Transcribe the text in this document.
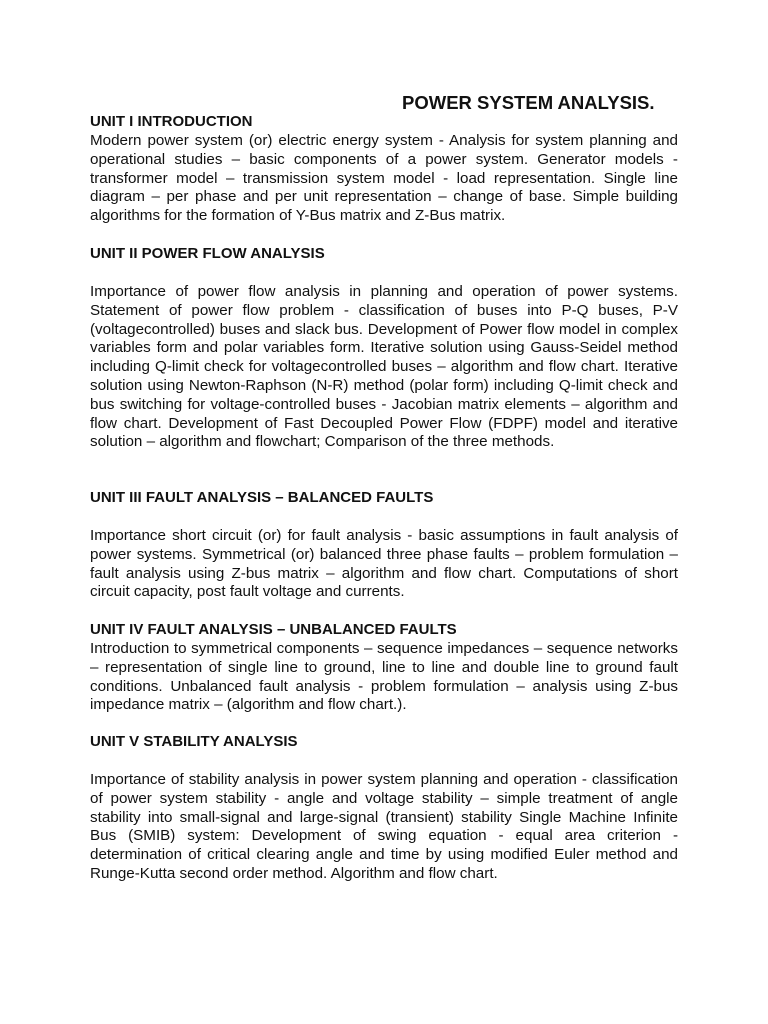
POWER SYSTEM ANALYSIS.
UNIT I INTRODUCTION

Modern power system (or) electric energy system - Analysis for system planning and operational studies – basic components of a power system. Generator models - transformer model – transmission system model - load representation. Single line diagram – per phase and per unit representation – change of base. Simple building algorithms for the formation of Y-Bus matrix and Z-Bus matrix.

UNIT II POWER FLOW ANALYSIS

Importance of power flow analysis in planning and operation of power systems. Statement of power flow problem - classification of buses into P-Q buses, P-V (voltagecontrolled) buses and slack bus. Development of Power flow model in complex variables form and polar variables form. Iterative solution using Gauss-Seidel method including Q-limit check for voltagecontrolled buses – algorithm and flow chart. Iterative solution using Newton-Raphson (N-R) method (polar form) including Q-limit check and bus switching for voltage-controlled buses - Jacobian matrix elements – algorithm and flow chart. Development of Fast Decoupled Power Flow (FDPF) model and iterative solution – algorithm and flowchart; Comparison of the three methods.

UNIT III FAULT ANALYSIS – BALANCED FAULTS

Importance short circuit (or) for fault analysis - basic assumptions in fault analysis of power systems. Symmetrical (or) balanced three phase faults – problem formulation – fault analysis using Z-bus matrix – algorithm and flow chart. Computations of short circuit capacity, post fault voltage and currents.

UNIT IV FAULT ANALYSIS – UNBALANCED FAULTS

Introduction to symmetrical components – sequence impedances – sequence networks – representation of single line to ground, line to line and double line to ground fault conditions. Unbalanced fault analysis - problem formulation – analysis using Z-bus impedance matrix – (algorithm and flow chart.).

UNIT V STABILITY ANALYSIS

Importance of stability analysis in power system planning and operation - classification of power system stability - angle and voltage stability – simple treatment of angle stability into small-signal and large-signal (transient) stability Single Machine Infinite Bus (SMIB) system: Development of swing equation - equal area criterion - determination of critical clearing angle and time by using modified Euler method and Runge-Kutta second order method. Algorithm and flow chart.
